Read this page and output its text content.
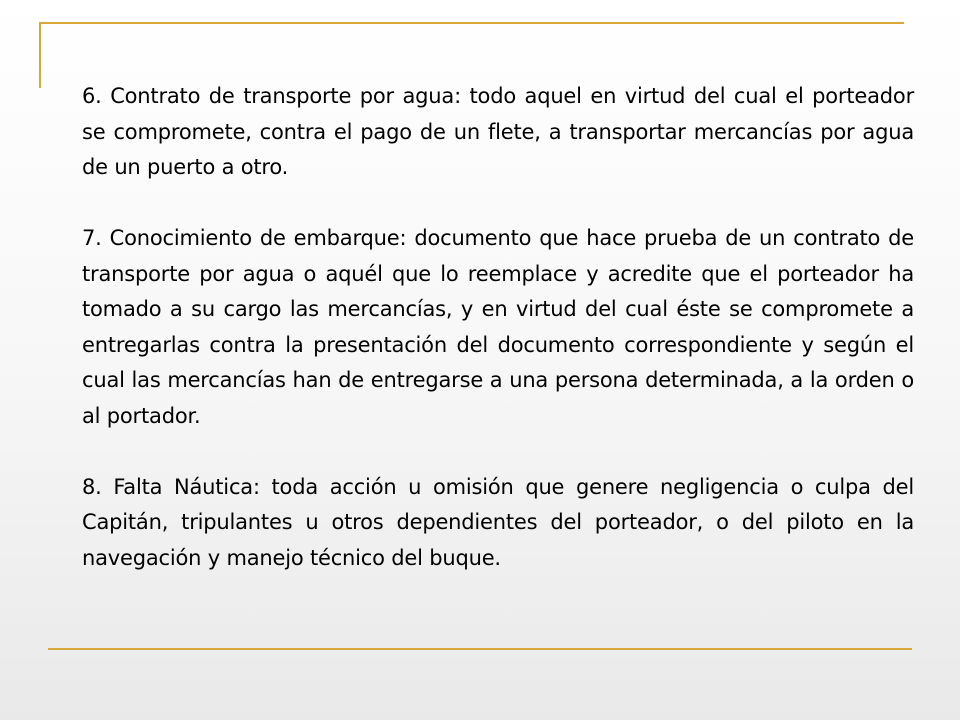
6. Contrato de transporte por agua: todo aquel en virtud del cual el porteador se compromete, contra el pago de un flete, a transportar mercancías por agua de un puerto a otro.

7. Conocimiento de embarque: documento que hace prueba de un contrato de transporte por agua o aquél que lo reemplace y acredite que el porteador ha tomado a su cargo las mercancías, y en virtud del cual éste se compromete a entregarlas contra la presentación del documento correspondiente y según el cual las mercancías han de entregarse a una persona determinada, a la orden o al portador.

8. Falta Náutica: toda acción u omisión que genere negligencia o culpa del Capitán, tripulantes u otros dependientes del porteador, o del piloto en la navegación y manejo técnico del buque.
